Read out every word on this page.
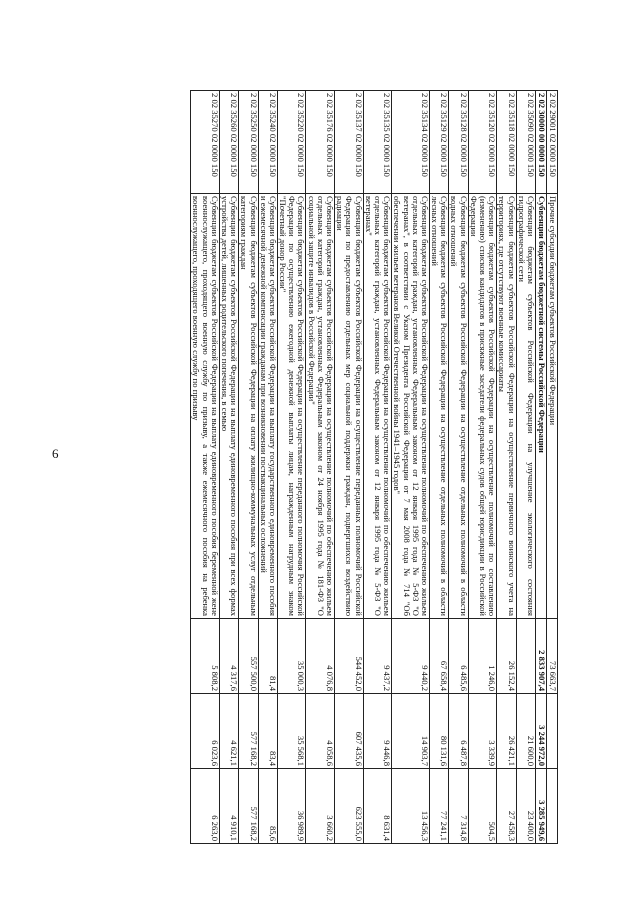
6
2 02 29001 02 0000 150	Прочие субсидии бюджетам субъектов Российской Федерации	73 663,7		
2 02 30000 00 0000 150	Субвенции бюджетам бюджетной системы Российской Федерации	2 833 907,4	3 244 972,0	3 285 949,6
2 02 35090 02 0000 150	Субвенции бюджетам субъектов Российской Федерации на улучшение экологического состояния гидрографической сети		21 600,0	23 400,0
2 02 35118 02 0000 150	Субвенции бюджетам субъектов Российской Федерации на осуществление первичного воинского учета на территориях, где отсутствуют военные комиссариаты	26 152,4	26 421,1	27 458,3
2 02 35120 02 0000 150	Субвенции бюджетам субъектов Российской Федерации на осуществление полномочий по составлению (изменению) списков кандидатов в присяжные заседатели федеральных судов общей юрисдикции в Российской Федерации	1 246,0	3 339,9	504,5
2 02 35128 02 0000 150	Субвенции бюджетам субъектов Российской Федерации на осуществление отдельных полномочий в области водных отношений	6 485,6	6 487,8	7 314,8
2 02 35129 02 0000 150	Субвенции бюджетам субъектов Российской Федерации на осуществление отдельных полномочий в области лесных отношений	67 658,4	80 131,6	77 241,1
2 02 35134 02 0000 150	Субвенции бюджетам субъектов Российской Федерации на осуществление полномочий по обеспечению жильем отдельных категорий граждан, установленных Федеральным законом от 12 января 1995 года № 5-ФЗ "О ветеранах", в соответствии с Указом Президента Российской Федерации от 7 мая 2008 года № 714 "Об обеспечении жильем ветеранов Великой Отечественной войны 1941–1945 годов"	9 440,2	14 903,7	13 456,3
2 02 35135 02 0000 150	Субвенции бюджетам субъектов Российской Федерации на осуществление полномочий по обеспечению жильем отдельных категорий граждан, установленных Федеральным законом от 12 января 1995 года № 5-ФЗ "О ветеранах"	9 437,2	9 446,8	8 631,4
2 02 35137 02 0000 150	Субвенции бюджетам субъектов Российской Федерации на осуществление переданных полномочий Российской Федерации по предоставлению отдельных мер социальной поддержки граждан, подвергшихся воздействию радиации	544 452,0	607 435,6	623 555,0
2 02 35176 02 0000 150	Субвенции бюджетам субъектов Российской Федерации на осуществление полномочий по обеспечению жильем отдельных категорий граждан, установленных Федеральным законом от 24 ноября 1995 года № 181-ФЗ "О социальной защите инвалидов в Российской Федерации"	4 076,8	4 058,6	3 660,2
2 02 35220 02 0000 150	Субвенции бюджетам субъектов Российской Федерации на осуществление переданного полномочия Российской Федерации по осуществлению ежегодной денежной выплаты лицам, награжденным нагрудным знаком "Почетный донор России"	35 000,3	35 568,1	36 989,9
2 02 35240 02 0000 150	Субвенции бюджетам субъектов Российской Федерации на выплату государственного единовременного пособия и ежемесячной денежной компенсации гражданам при возникновении поствакцинальных осложнений	81,4	83,4	85,6
2 02 35250 02 0000 150	Субвенции бюджетам субъектов Российской Федерации на оплату жилищно-коммунальных услуг отдельным категориям граждан	557 500,0	577 168,2	577 168,2
2 02 35260 02 0000 150	Субвенции бюджетам субъектов Российской Федерации на выплату единовременного пособия при всех формах устройства детей, лишенных родительского попечения, в семью	4 317,6	4 621,1	4 910,1
2 02 35270 02 0000 150	Субвенции бюджетам субъектов Российской Федерации на выплату единовременного пособия беременной жене военнослужащего, проходящего военную службу по призыву, а также ежемесячного пособия на ребенка военнослужащего, проходящего военную службу по призыву	5 808,2	6 023,6	6 263,0
